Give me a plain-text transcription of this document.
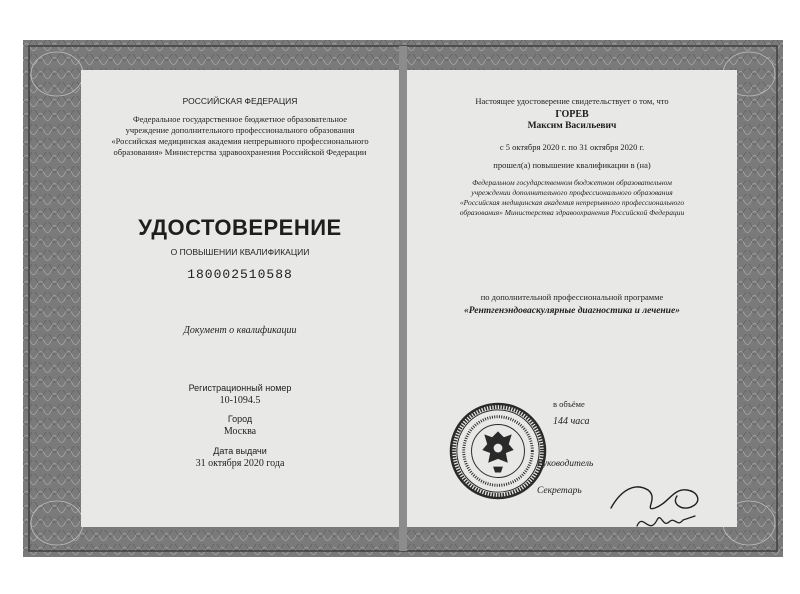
РОССИЙСКАЯ ФЕДЕРАЦИЯ
Федеральное государственное бюджетное образовательное
учреждение дополнительного профессионального образования
«Российская медицинская академия непрерывного профессионального
образования» Министерства здравоохранения Российской Федерации
УДОСТОВЕРЕНИЕ
О ПОВЫШЕНИИ КВАЛИФИКАЦИИ
180002510588
Документ о квалификации
Регистрационный номер
10-1094.5
Город
Москва
Дата выдачи
31 октября 2020 года
Настоящее удостоверение свидетельствует о том, что
ГОРЕВ
Максим Васильевич
с 5 октября 2020 г. по 31 октября 2020 г.
прошел(а) повышение квалификации в (на)
Федеральном государственном бюджетном образовательном
учреждении дополнительного профессионального образования
«Российская медицинская академия непрерывного профессионального
образования» Министерства здравоохранения Российской Федерации
по дополнительной профессиональной программе
«Рентгенэндоваскулярные диагностика и лечение»
в объёме
144 часа
Руководитель
Секретарь
